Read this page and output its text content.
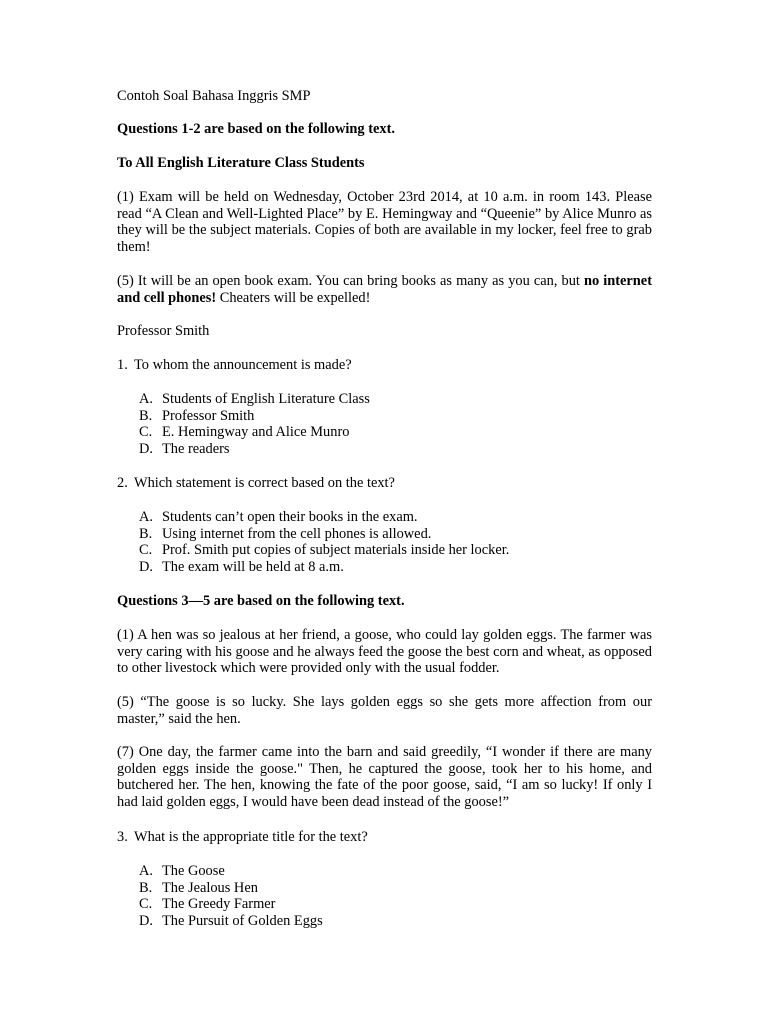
Contoh Soal Bahasa Inggris SMP

Questions 1-2 are based on the following text.

To All English Literature Class Students

(1) Exam will be held on Wednesday, October 23rd 2014, at 10 a.m. in room 143. Please read “A Clean and Well-Lighted Place” by E. Hemingway and “Queenie” by Alice Munro as they will be the subject materials. Copies of both are available in my locker, feel free to grab them!

(5) It will be an open book exam. You can bring books as many as you can, but no internet and cell phones! Cheaters will be expelled!

Professor Smith

1. To whom the announcement is made?
A. Students of English Literature Class
B. Professor Smith
C. E. Hemingway and Alice Munro
D. The readers
2. Which statement is correct based on the text?
A. Students can’t open their books in the exam.
B. Using internet from the cell phones is allowed.
C. Prof. Smith put copies of subject materials inside her locker.
D. The exam will be held at 8 a.m.

Questions 3—5 are based on the following text.

(1) A hen was so jealous at her friend, a goose, who could lay golden eggs. The farmer was very caring with his goose and he always feed the goose the best corn and wheat, as opposed to other livestock which were provided only with the usual fodder.

(5) “The goose is so lucky. She lays golden eggs so she gets more affection from our master,” said the hen.

(7) One day, the farmer came into the barn and said greedily, “I wonder if there are many golden eggs inside the goose." Then, he captured the goose, took her to his home, and butchered her. The hen, knowing the fate of the poor goose, said, “I am so lucky! If only I had laid golden eggs, I would have been dead instead of the goose!”

3. What is the appropriate title for the text?
A. The Goose
B. The Jealous Hen
C. The Greedy Farmer
D. The Pursuit of Golden Eggs
